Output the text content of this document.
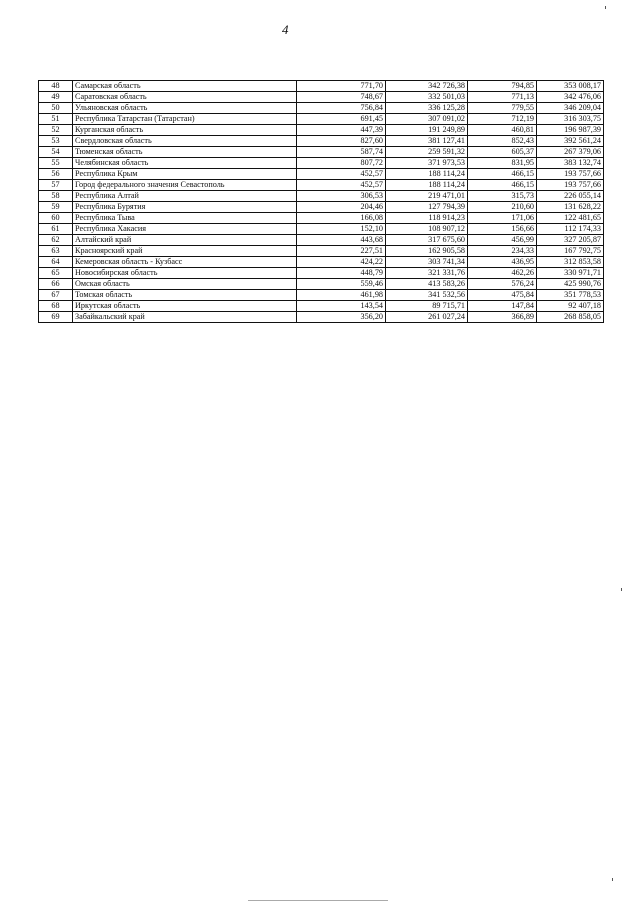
4
48	Самарская область	771,70	342 726,38	794,85	353 008,17
49	Саратовская область	748,67	332 501,03	771,13	342 476,06
50	Ульяновская область	756,84	336 125,28	779,55	346 209,04
51	Республика Татарстан (Татарстан)	691,45	307 091,02	712,19	316 303,75
52	Курганская область	447,39	191 249,89	460,81	196 987,39
53	Свердловская область	827,60	381 127,41	852,43	392 561,24
54	Тюменская область	587,74	259 591,32	605,37	267 379,06
55	Челябинская область	807,72	371 973,53	831,95	383 132,74
56	Республика Крым	452,57	188 114,24	466,15	193 757,66
57	Город федерального значения Севастополь	452,57	188 114,24	466,15	193 757,66
58	Республика Алтай	306,53	219 471,01	315,73	226 055,14
59	Республика Бурятия	204,46	127 794,39	210,60	131 628,22
60	Республика Тыва	166,08	118 914,23	171,06	122 481,65
61	Республика Хакасия	152,10	108 907,12	156,66	112 174,33
62	Алтайский край	443,68	317 675,60	456,99	327 205,87
63	Красноярский край	227,51	162 905,58	234,33	167 792,75
64	Кемеровская область - Кузбасс	424,22	303 741,34	436,95	312 853,58
65	Новосибирская область	448,79	321 331,76	462,26	330 971,71
66	Омская область	559,46	413 583,26	576,24	425 990,76
67	Томская область	461,98	341 532,56	475,84	351 778,53
68	Иркутская область	143,54	89 715,71	147,84	92 407,18
69	Забайкальский край	356,20	261 027,24	366,89	268 858,05
